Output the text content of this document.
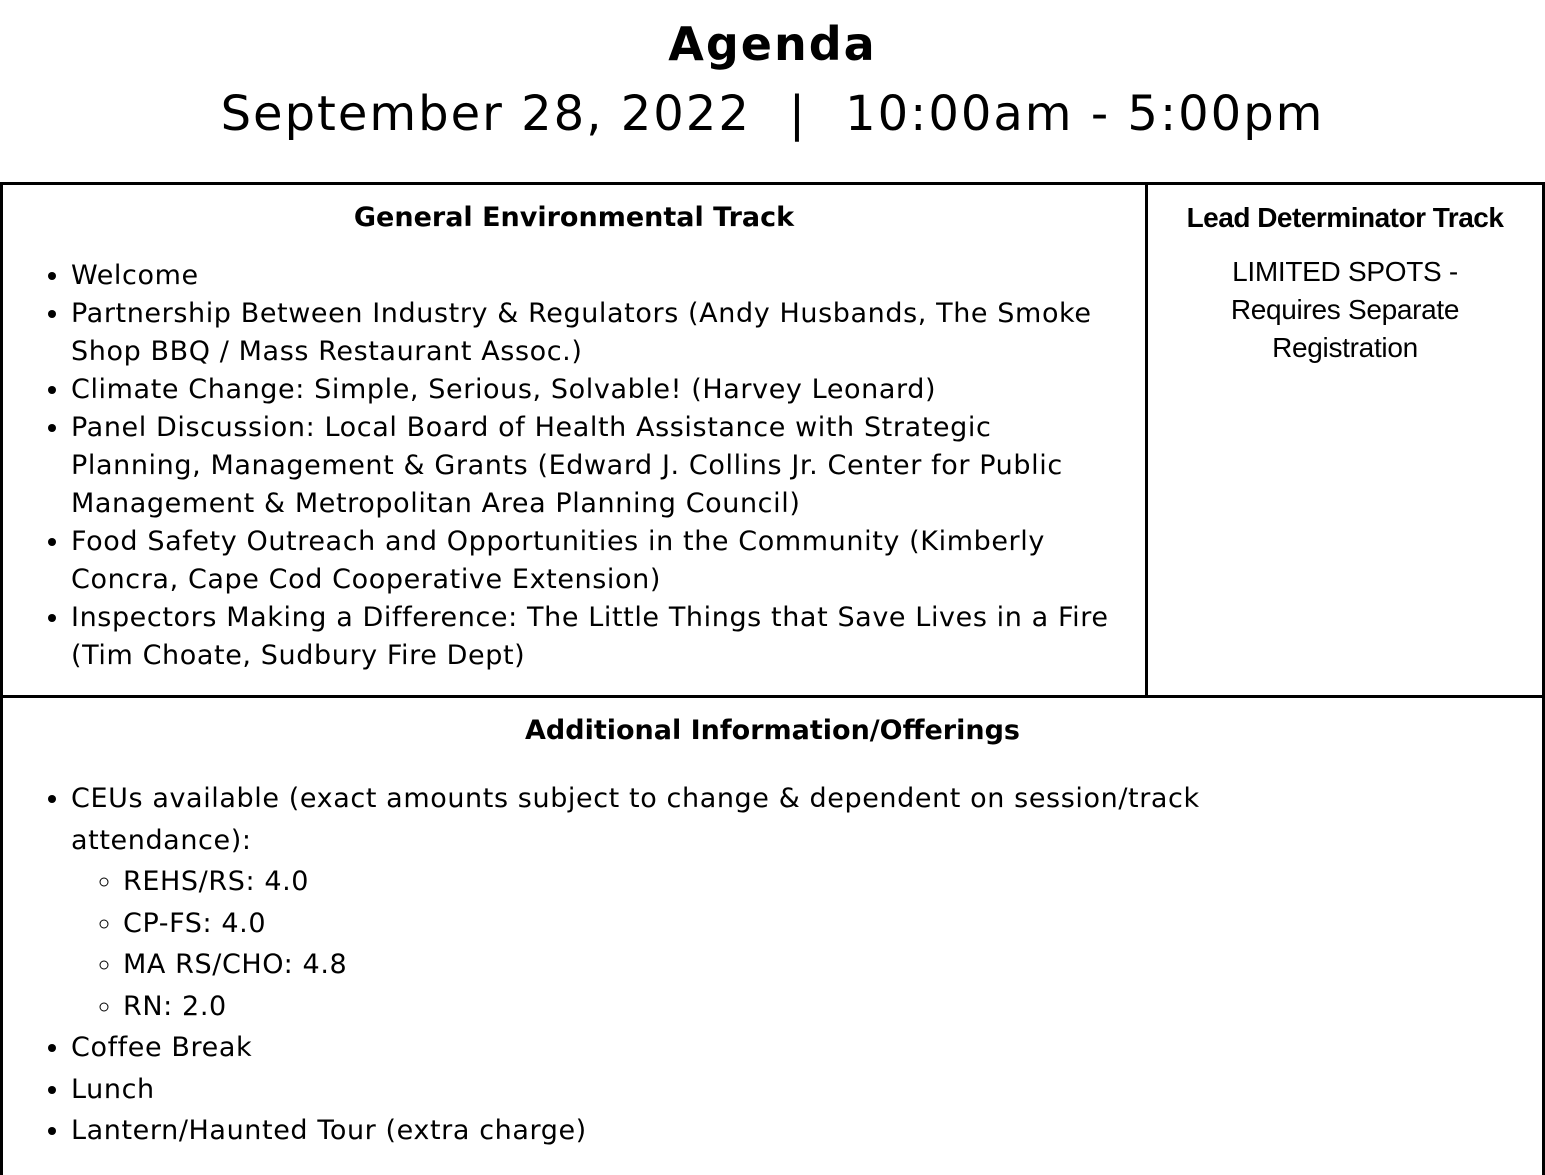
Agenda
September 28, 2022 | 10:00am - 5:00pm
General Environmental Track
• Welcome
• Partnership Between Industry & Regulators (Andy Husbands, The Smoke Shop BBQ / Mass Restaurant Assoc.)
• Climate Change: Simple, Serious, Solvable! (Harvey Leonard)
• Panel Discussion: Local Board of Health Assistance with Strategic Planning, Management & Grants (Edward J. Collins Jr. Center for Public Management & Metropolitan Area Planning Council)
• Food Safety Outreach and Opportunities in the Community (Kimberly Concra, Cape Cod Cooperative Extension)
• Inspectors Making a Difference: The Little Things that Save Lives in a Fire (Tim Choate, Sudbury Fire Dept)
Lead Determinator Track

LIMITED SPOTS - Requires Separate Registration

Additional Information/Offerings
• CEUs available (exact amounts subject to change & dependent on session/track attendance):
◦ REHS/RS: 4.0
◦ CP-FS: 4.0
◦ MA RS/CHO: 4.8
◦ RN: 2.0
• Coffee Break
• Lunch
• Lantern/Haunted Tour (extra charge)
